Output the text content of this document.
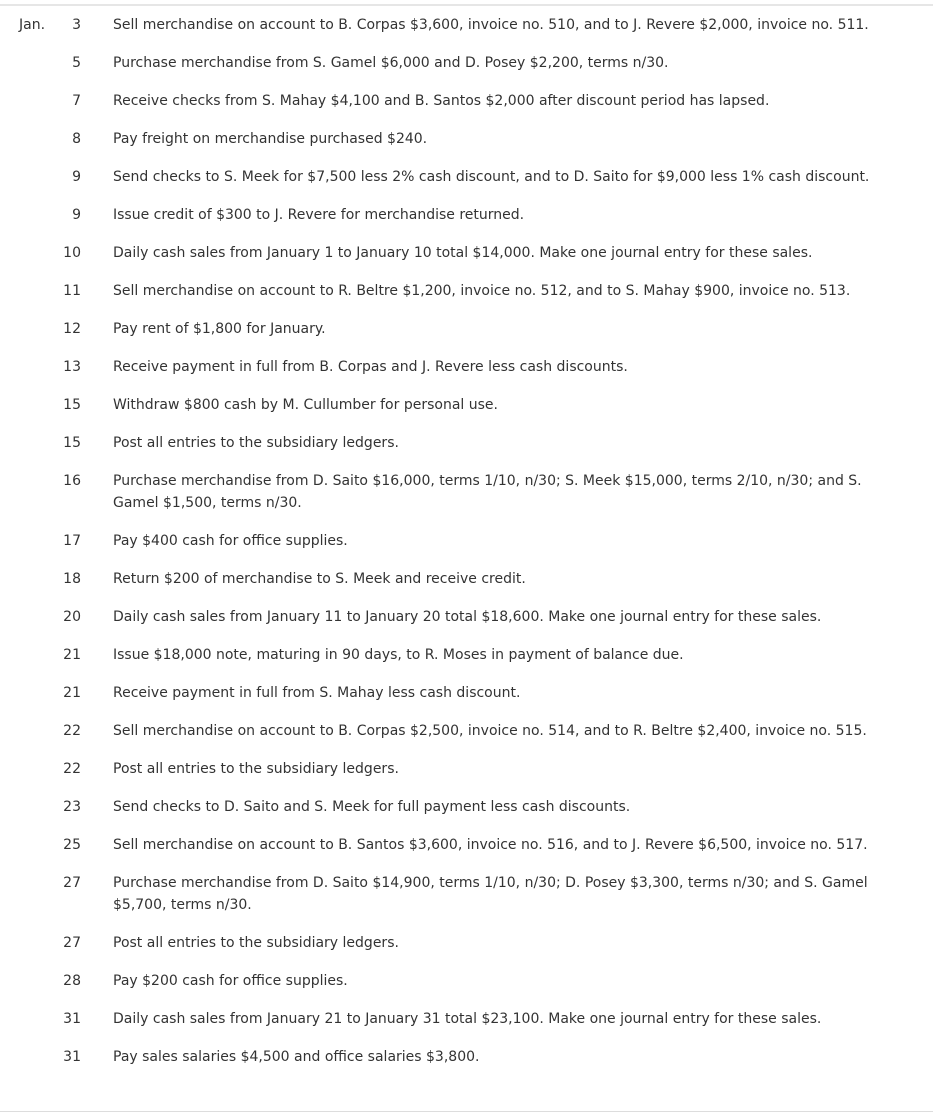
Jan.	3 Sell merchandise on account to B. Corpas $3,600, invoice no. 510, and to J. Revere $2,000, invoice no. 511.
5 Purchase merchandise from S. Gamel $6,000 and D. Posey $2,200, terms n/30.
7 Receive checks from S. Mahay $4,100 and B. Santos $2,000 after discount period has lapsed.
8 Pay freight on merchandise purchased $240.
9 Send checks to S. Meek for $7,500 less 2% cash discount, and to D. Saito for $9,000 less 1% cash discount.
9 Issue credit of $300 to J. Revere for merchandise returned.
10 Daily cash sales from January 1 to January 10 total $14,000. Make one journal entry for these sales.
11 Sell merchandise on account to R. Beltre $1,200, invoice no. 512, and to S. Mahay $900, invoice no. 513.
12 Pay rent of $1,800 for January.
13 Receive payment in full from B. Corpas and J. Revere less cash discounts.
15 Withdraw $800 cash by M. Cullumber for personal use.
15 Post all entries to the subsidiary ledgers.
16 Purchase merchandise from D. Saito $16,000, terms 1/10, n/30; S. Meek $15,000, terms 2/10, n/30; and S. Gamel $1,500, terms n/30.
17 Pay $400 cash for office supplies.
18 Return $200 of merchandise to S. Meek and receive credit.
20 Daily cash sales from January 11 to January 20 total $18,600. Make one journal entry for these sales.
21 Issue $18,000 note, maturing in 90 days, to R. Moses in payment of balance due.
21 Receive payment in full from S. Mahay less cash discount.
22 Sell merchandise on account to B. Corpas $2,500, invoice no. 514, and to R. Beltre $2,400, invoice no. 515.
22 Post all entries to the subsidiary ledgers.
23 Send checks to D. Saito and S. Meek for full payment less cash discounts.
25 Sell merchandise on account to B. Santos $3,600, invoice no. 516, and to J. Revere $6,500, invoice no. 517.
27 Purchase merchandise from D. Saito $14,900, terms 1/10, n/30; D. Posey $3,300, terms n/30; and S. Gamel $5,700, terms n/30.
27 Post all entries to the subsidiary ledgers.
28 Pay $200 cash for office supplies.
31 Daily cash sales from January 21 to January 31 total $23,100. Make one journal entry for these sales.
31 Pay sales salaries $4,500 and office salaries $3,800.
